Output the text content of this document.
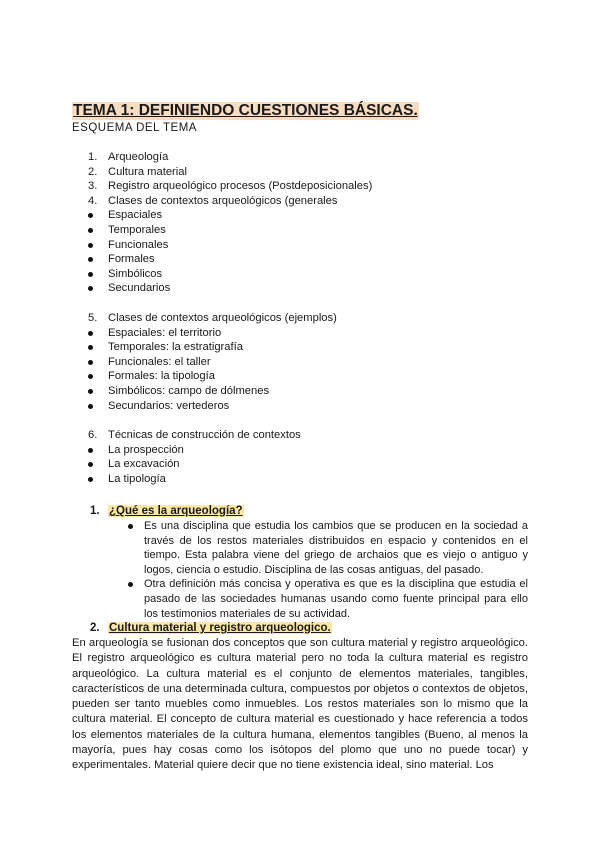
TEMA 1: DEFINIENDO CUESTIONES BÁSICAS.
ESQUEMA DEL TEMA
1. Arqueología
2. Cultura material
3. Registro arqueológico procesos (Postdeposicionales)
4. Clases de contextos arqueológicos (generales
Espaciales
Temporales
Funcionales
Formales
Simbólicos
Secundarios
5. Clases de contextos arqueológicos (ejemplos)
Espaciales: el territorio
Temporales: la estratigrafía
Funcionales: el taller
Formales: la tipología
Simbólicos: campo de dólmenes
Secundarios: vertederos
6. Técnicas de construcción de contextos
La prospección
La excavación
La tipología
1. ¿Qué es la arqueología?
Es una disciplina que estudia los cambios que se producen en la sociedad a través de los restos materiales distribuidos en espacio y contenidos en el tiempo. Esta palabra viene del griego de archaios que es viejo o antiguo y logos, ciencia o estudio. Disciplina de las cosas antiguas, del pasado.
Otra definición más concisa y operativa es que es la disciplina que estudia el pasado de las sociedades humanas usando como fuente principal para ello los testimonios materiales de su actividad.
2. Cultura material y registro arqueologico.

En arqueología se fusionan dos conceptos que son cultura material y registro arqueológico. El registro arqueológico es cultura material pero no toda la cultura material es registro arqueológico. La cultura material es el conjunto de elementos materiales, tangibles, característicos de una determinada cultura, compuestos por objetos o contextos de objetos, pueden ser tanto muebles como inmuebles. Los restos materiales son lo mismo que la cultura material. El concepto de cultura material es cuestionado y hace referencia a todos los elementos materiales de la cultura humana, elementos tangibles (Bueno, al menos la mayoría, pues hay cosas como los isótopos del plomo que uno no puede tocar) y experimentales. Material quiere decir que no tiene existencia ideal, sino material. Los
